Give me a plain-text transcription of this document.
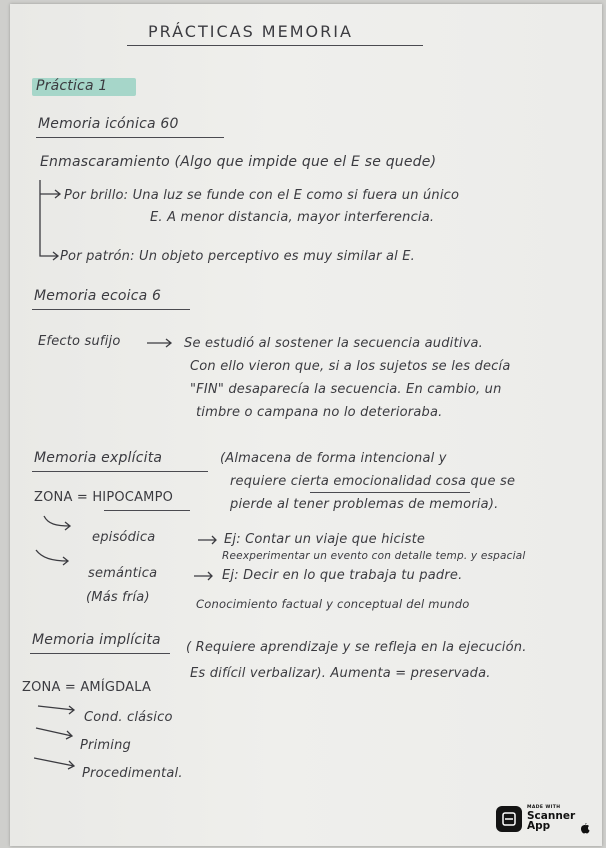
PRÁCTICAS MEMORIA
Práctica 1
Memoria icónica 60
Enmascaramiento (Algo que impide que el E se quede)
Por brillo: Una luz se funde con el E como si fuera un único
E. A menor distancia, mayor interferencia.
Por patrón: Un objeto perceptivo es muy similar al E.
Memoria ecoica 6
Efecto sufijo	Se estudió al sostener la secuencia auditiva.
Con ello vieron que, si a los sujetos se les decía
"FIN" desaparecía la secuencia. En cambio, un
timbre o campana no lo deterioraba.
Memoria explícita	(Almacena de forma intencional y
requiere cierta emocionalidad cosa que se
pierde al tener problemas de memoria).
ZONA = HIPOCAMPO
episódica	Ej: Contar un viaje que hiciste
Reexperimentar un evento con detalle temp. y espacial
semántica	Ej: Decir en lo que trabaja tu padre.
(Más fría)	Conocimiento factual y conceptual del mundo
Memoria implícita ( Requiere aprendizaje y se refleja en la ejecución.
Es difícil verbalizar). Aumenta = preservada.
ZONA = AMÍGDALA
Cond. clásico
Priming
Procedimental.
MADE WITH
Scanner
App
